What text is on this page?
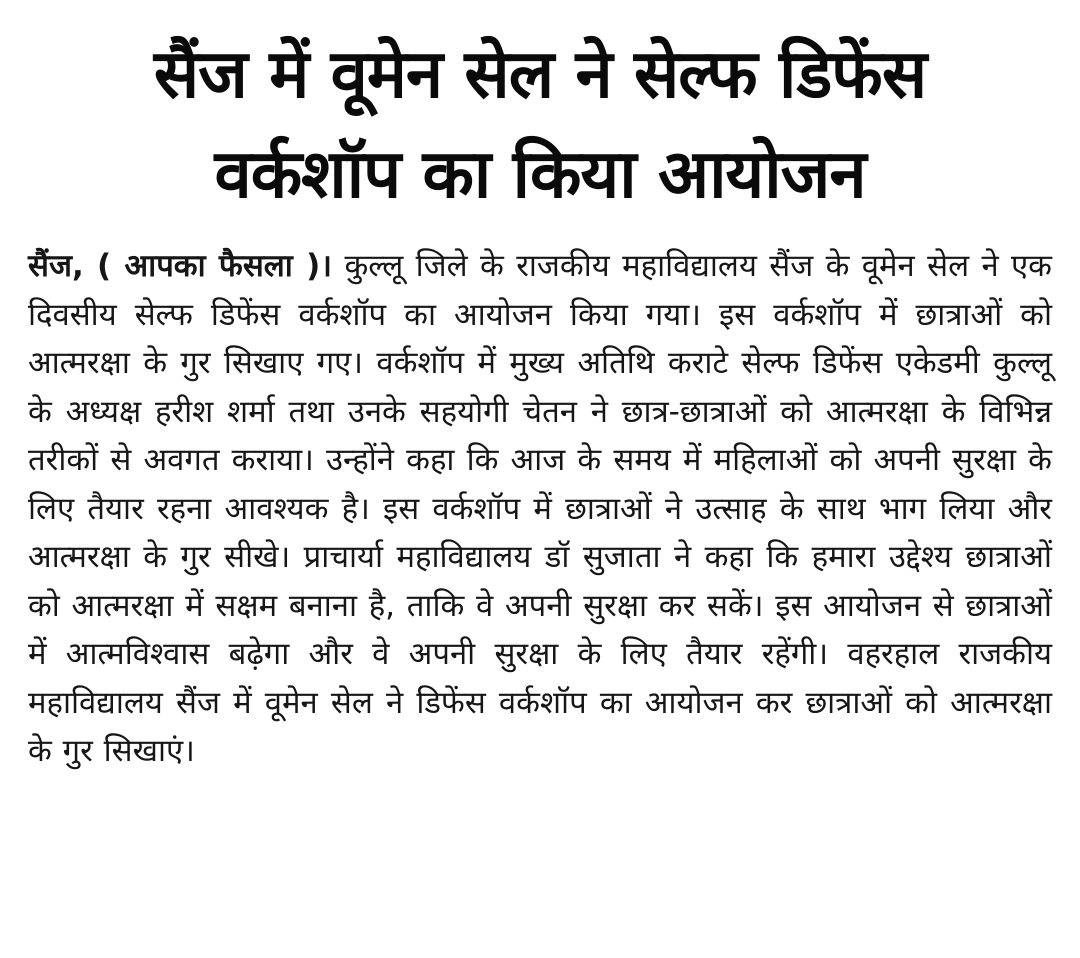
सैंज में वूमेन सेल ने सेल्फ डिफेंस
वर्कशॉप का किया आयोजन

सैंज, ( आपका फैसला )। कुल्लू जिले के राजकीय महाविद्यालय सैंज के वूमेन सेल ने एक दिवसीय सेल्फ डिफेंस वर्कशॉप का आयोजन किया गया। इस वर्कशॉप में छात्राओं को आत्मरक्षा के गुर सिखाए गए। वर्कशॉप में मुख्य अतिथि कराटे सेल्फ डिफेंस एकेडमी कुल्लू के अध्यक्ष हरीश शर्मा तथा उनके सहयोगी चेतन ने छात्र-छात्राओं को आत्मरक्षा के विभिन्न तरीकों से अवगत कराया। उन्होंने कहा कि आज के समय में महिलाओं को अपनी सुरक्षा के लिए तैयार रहना आवश्यक है। इस वर्कशॉप में छात्राओं ने उत्साह के साथ भाग लिया और आत्मरक्षा के गुर सीखे। प्राचार्या महाविद्यालय डॉ सुजाता ने कहा कि हमारा उद्देश्य छात्राओं को आत्मरक्षा में सक्षम बनाना है, ताकि वे अपनी सुरक्षा कर सकें। इस आयोजन से छात्राओं में आत्मविश्वास बढ़ेगा और वे अपनी सुरक्षा के लिए तैयार रहेंगी। वहरहाल राजकीय महाविद्यालय सैंज में वूमेन सेल ने डिफेंस वर्कशॉप का आयोजन कर छात्राओं को आत्मरक्षा के गुर सिखाएं।
